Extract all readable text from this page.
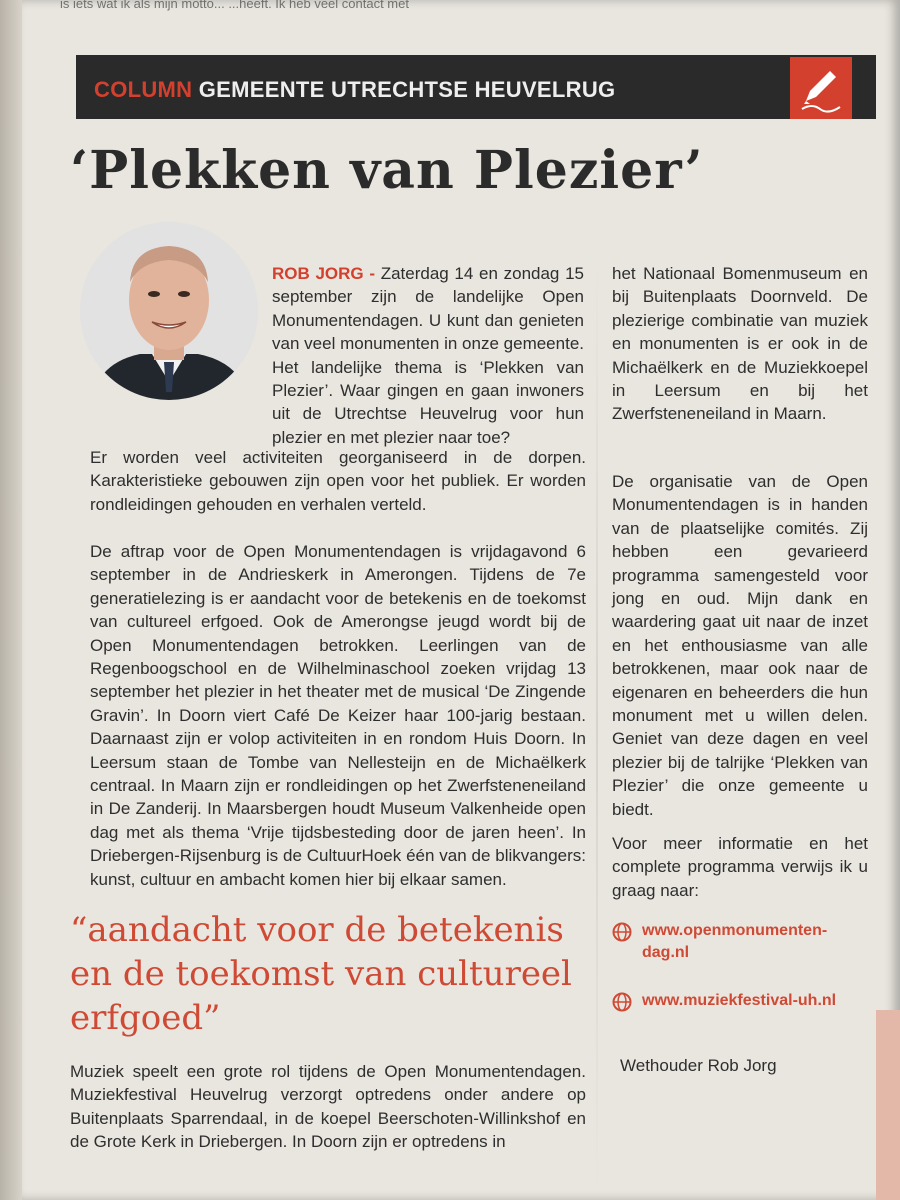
is iets wat ik als mijn motto... ...heeft. Ik heb veel contact met
COLUMN GEMEENTE UTRECHTSE HEUVELRUG
‘Plekken van Plezier’
ROB JORG - Zaterdag 14 en zondag 15 september zijn de landelijke Open Monumentendagen. U kunt dan genieten van veel monumenten in onze gemeente. Het landelijke thema is ‘Plekken van Plezier’. Waar gingen en gaan inwoners uit de Utrechtse Heuvelrug voor hun plezier en met plezier naar toe?
Er worden veel activiteiten georganiseerd in de dorpen. Karakteristieke gebouwen zijn open voor het publiek. Er worden rondleidingen gehouden en verhalen verteld.
De aftrap voor de Open Monumentendagen is vrijdagavond 6 september in de Andrieskerk in Amerongen. Tijdens de 7e generatielezing is er aandacht voor de betekenis en de toekomst van cultureel erfgoed. Ook de Amerongse jeugd wordt bij de Open Monumentendagen betrokken. Leerlingen van de Regenboogschool en de Wilhelminaschool zoeken vrijdag 13 september het plezier in het theater met de musical ‘De Zingende Gravin’. In Doorn viert Café De Keizer haar 100-jarig bestaan. Daarnaast zijn er volop activiteiten in en rondom Huis Doorn. In Leersum staan de Tombe van Nellesteijn en de Michaëlkerk centraal. In Maarn zijn er rondleidingen op het Zwerfsteneneiland in De Zanderij. In Maarsbergen houdt Museum Valkenheide open dag met als thema ‘Vrije tijdsbesteding door de jaren heen’. In Driebergen-Rijsenburg is de CultuurHoek één van de blikvangers: kunst, cultuur en ambacht komen hier bij elkaar samen.
“aandacht voor de betekenis en de toekomst van cultureel erfgoed”
Muziek speelt een grote rol tijdens de Open Monumentendagen. Muziekfestival Heuvelrug verzorgt optredens onder andere op Buitenplaats Sparrendaal, in de koepel Beerschoten-Willinkshof en de Grote Kerk in Driebergen. In Doorn zijn er optredens in
het Nationaal Bomenmuseum en bij Buitenplaats Doornveld. De plezierige combinatie van muziek en monumenten is er ook in de Michaëlkerk en de Muziekkoepel in Leersum en bij het Zwerfsteneneiland in Maarn.
De organisatie van de Open Monumentendagen is in handen van de plaatselijke comités. Zij hebben een gevarieerd programma samengesteld voor jong en oud. Mijn dank en waardering gaat uit naar de inzet en het enthousiasme van alle betrokkenen, maar ook naar de eigenaren en beheerders die hun monument met u willen delen. Geniet van deze dagen en veel plezier bij de talrijke ‘Plekken van Plezier’ die onze gemeente u biedt.
Voor meer informatie en het complete programma verwijs ik u graag naar:
www.openmonumenten-dag.nl
www.muziekfestival-uh.nl
Wethouder Rob Jorg
